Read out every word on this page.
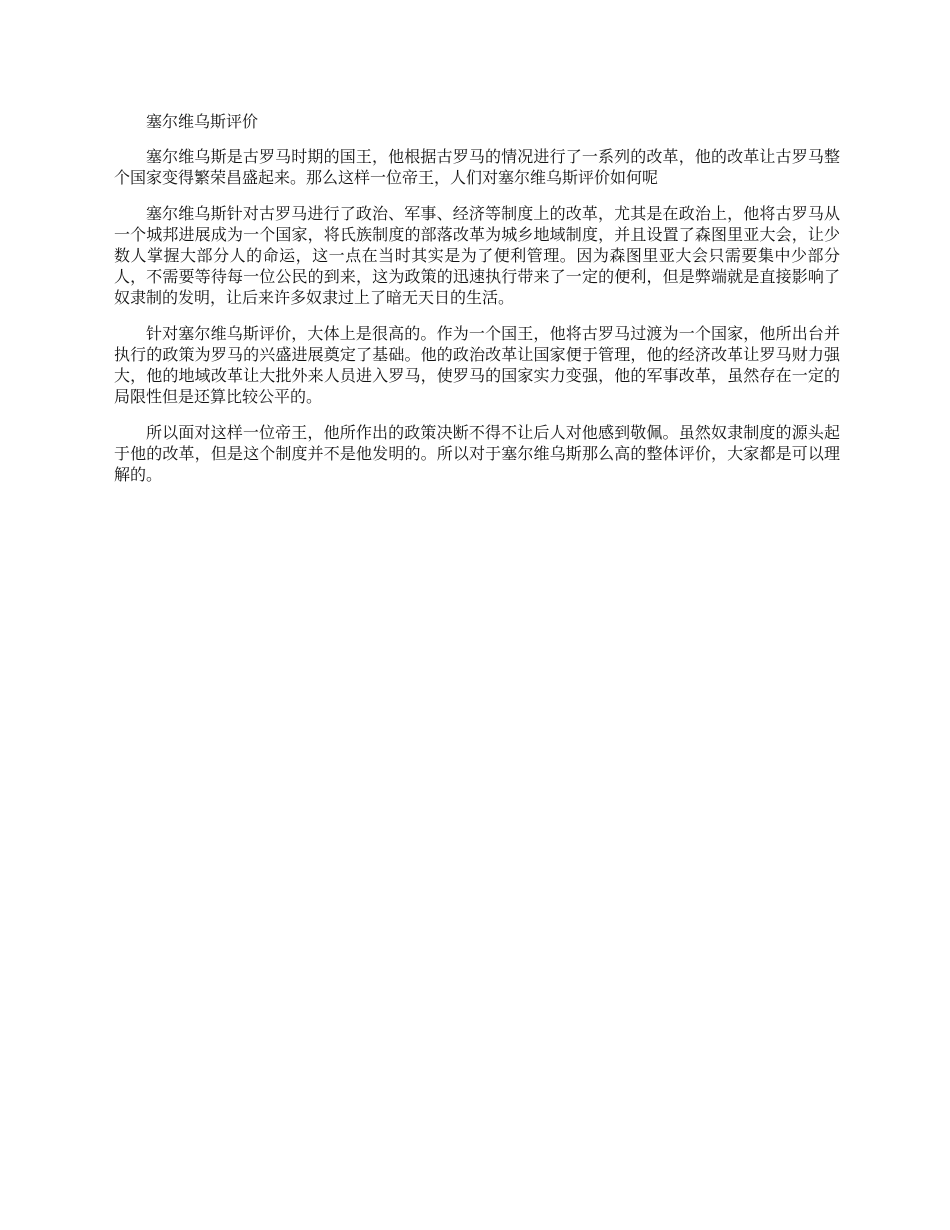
塞尔维乌斯评价

塞尔维乌斯是古罗马时期的国王，他根据古罗马的情况进行了一系列的改革，他的改革让古罗马整个国家变得繁荣昌盛起来。那么这样一位帝王，人们对塞尔维乌斯评价如何呢

塞尔维乌斯针对古罗马进行了政治、军事、经济等制度上的改革，尤其是在政治上，他将古罗马从一个城邦进展成为一个国家，将氏族制度的部落改革为城乡地域制度，并且设置了森图里亚大会，让少数人掌握大部分人的命运，这一点在当时其实是为了便利管理。因为森图里亚大会只需要集中少部分人，不需要等待每一位公民的到来，这为政策的迅速执行带来了一定的便利，但是弊端就是直接影响了奴隶制的发明，让后来许多奴隶过上了暗无天日的生活。

针对塞尔维乌斯评价，大体上是很高的。作为一个国王，他将古罗马过渡为一个国家，他所出台并执行的政策为罗马的兴盛进展奠定了基础。他的政治改革让国家便于管理，他的经济改革让罗马财力强大，他的地域改革让大批外来人员进入罗马，使罗马的国家实力变强，他的军事改革，虽然存在一定的局限性但是还算比较公平的。

所以面对这样一位帝王，他所作出的政策决断不得不让后人对他感到敬佩。虽然奴隶制度的源头起于他的改革，但是这个制度并不是他发明的。所以对于塞尔维乌斯那么高的整体评价，大家都是可以理解的。
